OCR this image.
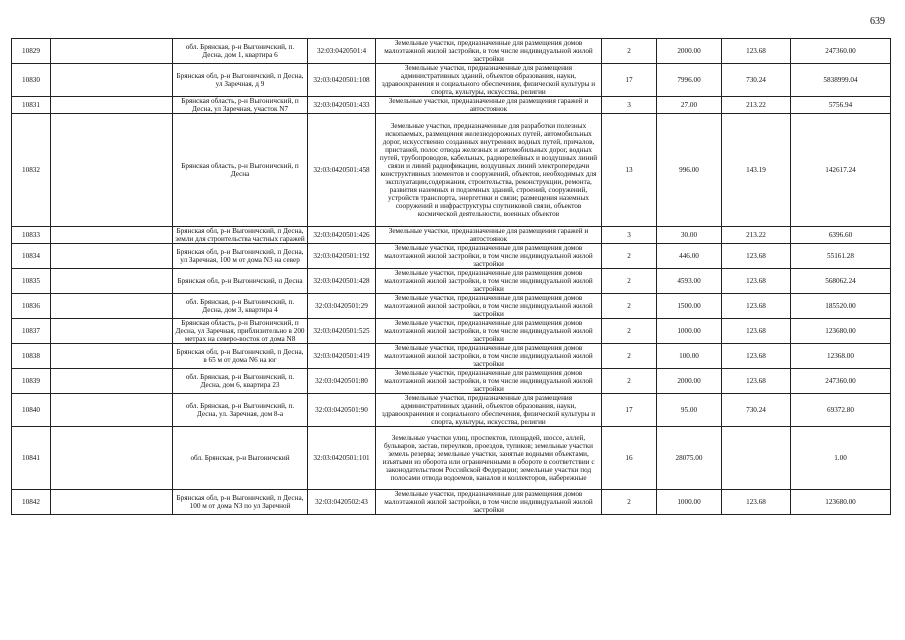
639
10829		обл. Брянская, р-н Выгоничский, п. Десна, дом 1, квартира 6	32:03:0420501:4	Земельные участки, предназначенные для размещения домов малоэтажной жилой застройки, в том числе индивидуальной жилой застройки	2	2000.00	123.68	247360.00
10830		Брянская обл, р-н Выгоничский, п Десна, ул Заречная, д 9	32:03:0420501:108	Земельные участки, предназначенные для размещения административных зданий, объектов образования, науки, здравоохранения и социального обеспечения, физической культуры и спорта, культуры, искусства, религии	17	7996.00	730.24	5838999.04
10831		Брянская область, р-н Выгоничский, п Десна, ул Заречная, участок N7	32:03:0420501:433	Земельные участки, предназначенные для размещения гаражей и автостоянок	3	27.00	213.22	5756.94
10832		Брянская область, р-н Выгоничский, п Десна	32:03:0420501:458	Земельные участки, предназначенные для разработки полезных ископаемых, размещения железнодорожных путей, автомобильных дорог, искусственно созданных внутренних водных путей, причалов, пристаней, полос отвода железных и автомобильных дорог, водных путей, трубопроводов, кабельных, радиорелейных и воздушных линий связи и линий радиофикации, воздушных линий электропередачи конструктивных элементов и сооружений, объектов, необходимых для эксплуатации,содержания, строительства, реконструкции, ремонта, развития наземных и подземных зданий, строений, сооружений, устройств транспорта, энергетики и связи; размещения наземных сооружений и инфраструктуры спутниковой связи, объектов космической деятельности, военных объектов	13	996.00	143.19	142617.24
10833		Брянская обл, р-н Выгоничский, п Десна, земли для строительства частных гаражей	32:03:0420501:426	Земельные участки, предназначенные для размещения гаражей и автостоянок	3	30.00	213.22	6396.60
10834		Брянская обл, р-н Выгоничский, п Десна, ул Заречная, 100 м от дома N3 на север	32:03:0420501:192	Земельные участки, предназначенные для размещения домов малоэтажной жилой застройки, в том числе индивидуальной жилой застройки	2	446.00	123.68	55161.28
10835		Брянская обл, р-н Выгоничский, п Десна	32:03:0420501:428	Земельные участки, предназначенные для размещения домов малоэтажной жилой застройки, в том числе индивидуальной жилой застройки	2	4593.00	123.68	568062.24
10836		обл. Брянская, р-н Выгоничский, п. Десна, дом 3, квартира 4	32:03:0420501:29	Земельные участки, предназначенные для размещения домов малоэтажной жилой застройки, в том числе индивидуальной жилой застройки	2	1500.00	123.68	185520.00
10837		Брянская область, р-н Выгоничский, п Десна, ул Заречная, приблизительно в 200 метрах на северо-восток от дома N8	32:03:0420501:525	Земельные участки, предназначенные для размещения домов малоэтажной жилой застройки, в том числе индивидуальной жилой застройки	2	1000.00	123.68	123680.00
10838		Брянская обл, р-н Выгоничский, п Десна, в 65 м от дома N6 на юг	32:03:0420501:419	Земельные участки, предназначенные для размещения домов малоэтажной жилой застройки, в том числе индивидуальной жилой застройки	2	100.00	123.68	12368.00
10839		обл. Брянская, р-н Выгоничский, п. Десна, дом 6, квартира 23	32:03:0420501:80	Земельные участки, предназначенные для размещения домов малоэтажной жилой застройки, в том числе индивидуальной жилой застройки	2	2000.00	123.68	247360.00
10840		обл. Брянская, р-н Выгоничский, п. Десна, ул. Заречная, дом 8-а	32:03:0420501:90	Земельные участки, предназначенные для размещения административных зданий, объектов образования, науки, здравоохранения и социального обеспечения, физической культуры и спорта, культуры, искусства, религии	17	95.00	730.24	69372.80
10841		обл. Брянская, р-н Выгоничский	32:03:0420501:101	Земельные участки улиц, проспектов, площадей, шоссе, аллей, бульваров, застав, переулков, проездов, тупиков; земельные участки земель резерва; земельные участки, занятые водными объектами, изъятыми из оборота или ограниченными в обороте в соответствии с законодательством Российской Федерации; земельные участки под полосами отвода водоемов, каналов и коллекторов, набережные	16	28075.00		1.00
10842		Брянская обл, р-н Выгоничский, п Десна, 100 м от дома N3 по ул Заречной	32:03:0420502:43	Земельные участки, предназначенные для размещения домов малоэтажной жилой застройки, в том числе индивидуальной жилой застройки	2	1000.00	123.68	123680.00
